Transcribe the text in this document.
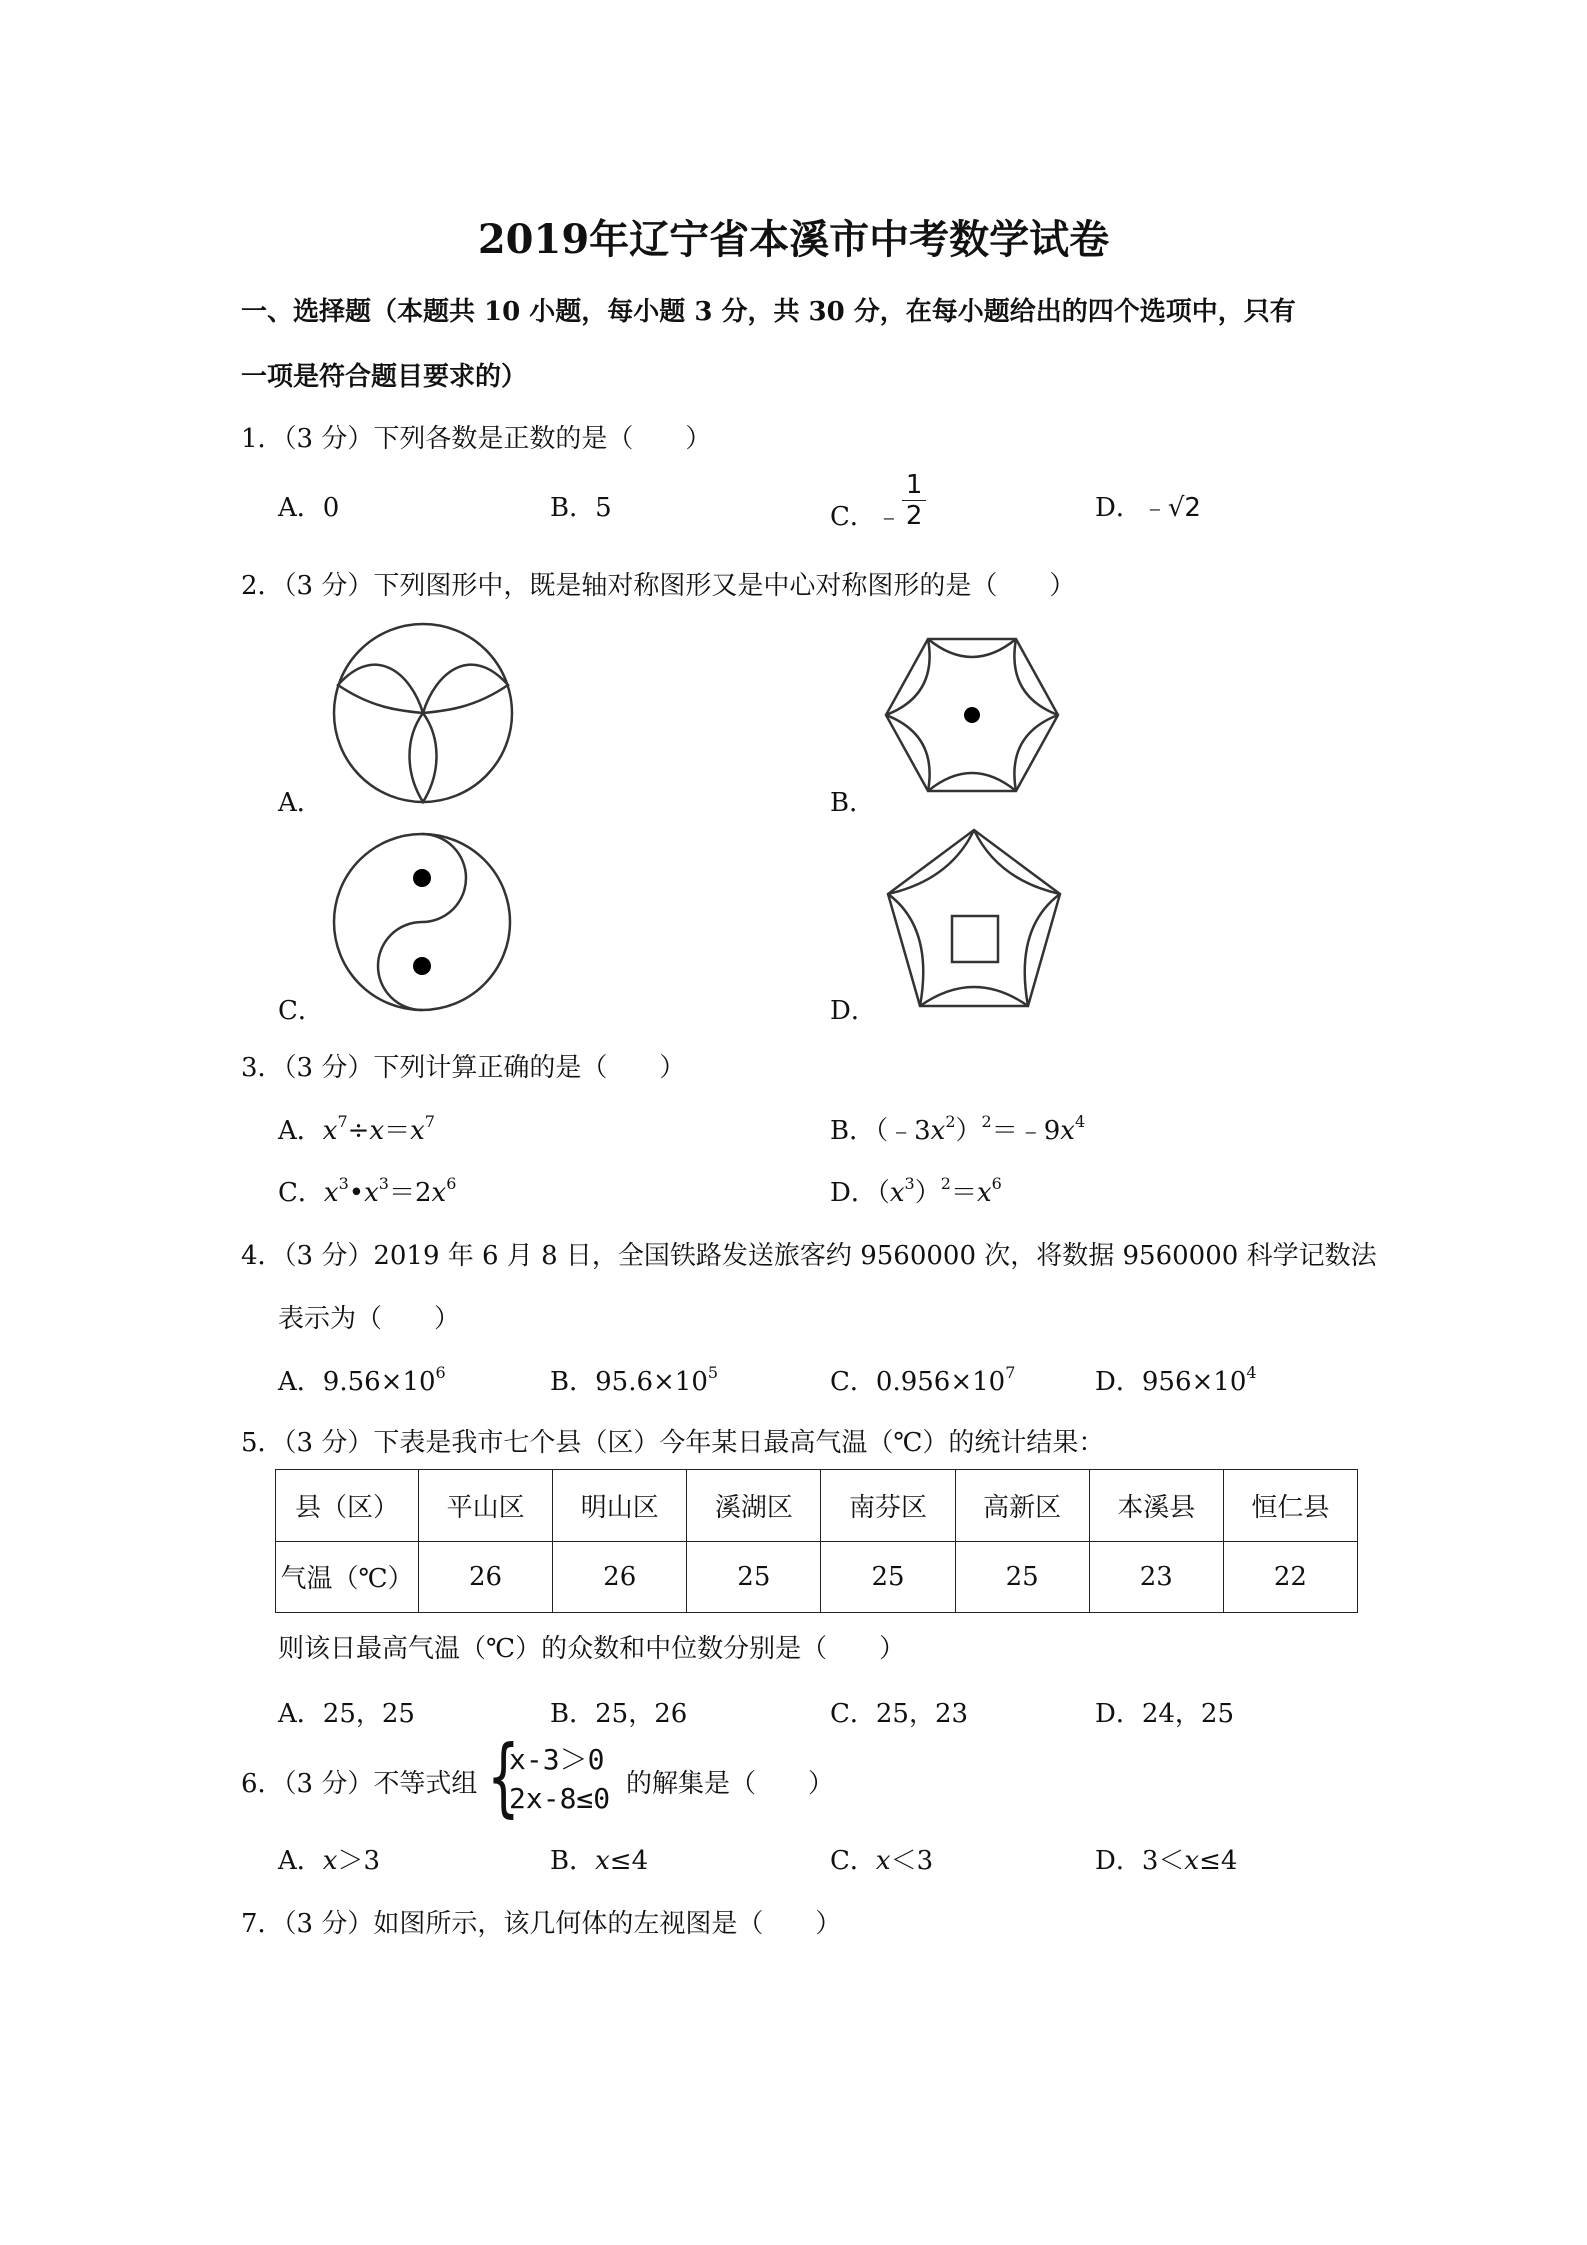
2019年辽宁省本溪市中考数学试卷
一、选择题（本题共 10 小题，每小题 3 分，共 30 分，在每小题给出的四个选项中，只有
一项是符合题目要求的）
1．（3 分）下列各数是正数的是（　　）
A．0	B．5	C．﹣ $\frac{1}{2}$	D．﹣√2
2．（3 分）下列图形中，既是轴对称图形又是中心对称图形的是（　　）
A．	B．
C．	D．
3．（3 分）下列计算正确的是（　　）
A．$x^7\div x=x^7$	B．$(﹣3x^2)^2=﹣9x^4$
C．$x^3•x^3=2x^6$	D．$(x^3)^2=x^6$
4．（3 分）2019 年 6 月 8 日，全国铁路发送旅客约 9560000 次，将数据 9560000 科学记数法
表示为（　　）
A．$9.56\times 10^6$	B．$95.6\times 10^5$	C．$0.956\times 10^7$	D．$956\times 10^4$
5．（3 分）下表是我市七个县（区）今年某日最高气温（℃）的统计结果：
县（区）	平山区	明山区	溪湖区	南芬区	高新区	本溪县	恒仁县
气温（℃）	26	26	25	25	25	23	22
则该日最高气温（℃）的众数和中位数分别是（　　）
A．25，25	B．25，26	C．25，23	D．24，25
6．（3 分）不等式组 {
x-3＞0
2x-8≤0 的解集是（　　）
A．x＞3	B．x≤4	C．x＜3	D．3＜x≤4
7．（3 分）如图所示，该几何体的左视图是（　　）
